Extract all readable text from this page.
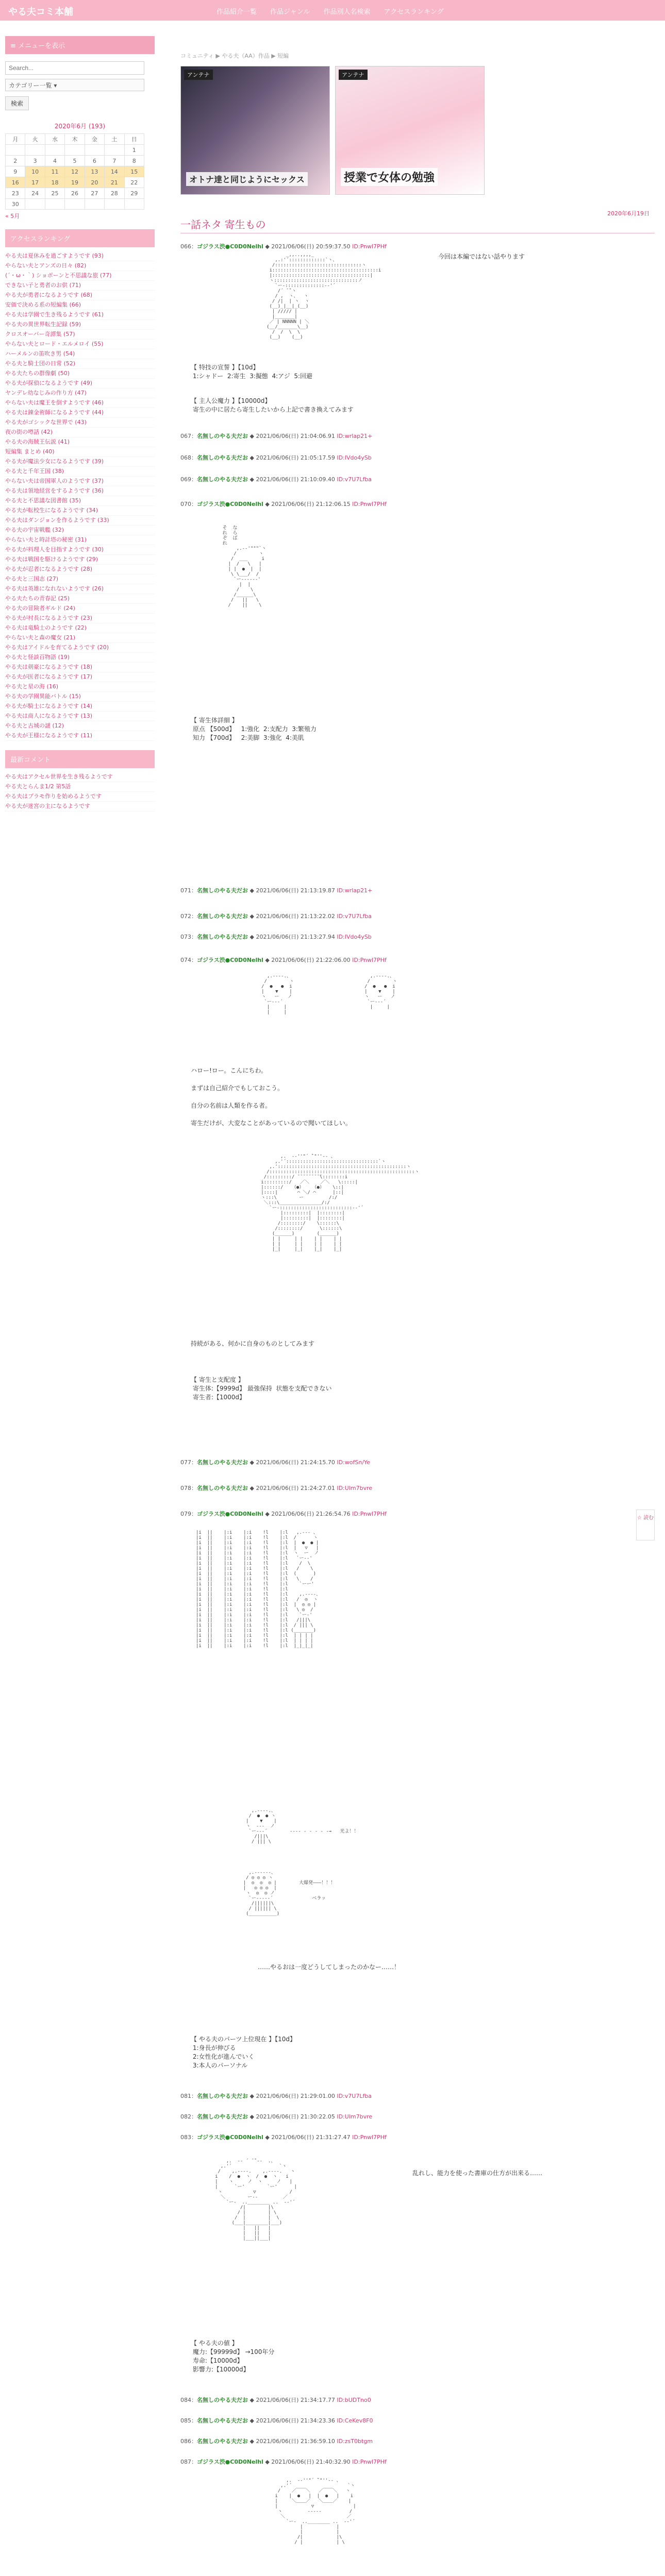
やる夫コミ本舗	作品紹介一覧 作品ジャンル 作品別人名検索 アクセスランキング
≡ メニューを表示
Search...
カテゴリー一覧 ▾
検索
2020年6月 (193)
月	火	水	木	金	土	日
						1
2	3	4	5	6	7	8
9	10	11	12	13	14	15
16	17	18	19	20	21	22
23	24	25	26	27	28	29
30						
« 5月
アクセスランキング
やる夫は夏休みを過ごすようです (93)
やらない夫とアンズの日々 (82)
(´・ω・｀) ショボーンと不思議な旅 (77)
できない子と勇者のお供 (71)
やる夫が勇者になるようです (68)
安価で決める系の短編集 (66)
やる夫は学園で生き残るようです (61)
やる夫の異世界転生記録 (59)
クロスオーバー奇譚集 (57)
やらない夫とロード・エルメロイ (55)
ハーメルンの笛吹き男 (54)
やる夫と騎士団の日常 (52)
やる夫たちの群像劇 (50)
やる夫が探偵になるようです (49)
ヤンデレ幼なじみの作り方 (47)
やらない夫は魔王を倒すようです (46)
やる夫は錬金術師になるようです (44)
やる夫がゴシックな世界で (43)
夜の街の噂話 (42)
やる夫の海賊王伝説 (41)
短編集 まとめ (40)
やる夫が魔法少女になるようです (39)
やる夫と千年王国 (38)
やらない夫は帝国軍人のようです (37)
やる夫は領地経営をするようです (36)
やる夫と不思議な図書館 (35)
やる夫が転校生になるようです (34)
やる夫はダンジョンを作るようです (33)
やる夫の宇宙戦艦 (32)
やらない夫と時計塔の秘密 (31)
やる夫が料理人を目指すようです (30)
やる夫は戦国を駆けるようです (29)
やる夫が忍者になるようです (28)
やる夫と三国志 (27)
やる夫は英雄になれないようです (26)
やる夫たちの青春記 (25)
やる夫の冒険者ギルド (24)
やる夫が村長になるようです (23)
やる夫は竜騎士のようです (22)
やらない夫と森の魔女 (21)
やる夫はアイドルを育てるようです (20)
やる夫と怪談百物語 (19)
やる夫は剣豪になるようです (18)
やる夫が医者になるようです (17)
やる夫と星の海 (16)
やる夫の学園異能バトル (15)
やる夫が騎士になるようです (14)
やる夫は商人になるようです (13)
やる夫と古城の謎 (12)
やる夫が王様になるようです (11)
最新コメント
やる夫はアクセル世界を生き残るようです
やる夫とらんま1/2 第5話
やる夫はプラモ作りを始めるようです
やる夫が迷宮の主になるようです
コミュニティ ▶ やる夫（AA）作品 ▶ 短編
アンテナ
オトナ達と同じようにセックス
アンテナ
授業で女体の勉強
2020年6月19日
一話ネタ 寄生もの
066：ゴジラス渋●C0D0Nelhl ◆ 2021/06/06(日) 20:59:37.50 ID:Pnwl7PHf
_,,..,,,,_
,.:'´:::::::::::::`ヽ、
/:::::::::::::::::::::::::::::::ヽ
i::::::::::::::::::::::::::::::::::::::i
|:::::::::::::::::::::::::::::::::::|
ヽ::::::::::::::::::::::::::::::ノ
`ー-::::::::::::::-‐'´
/´ ̄ ̄`ヽ
/ ,  ヽ、  ヽ
/ /|  | ヽ  ヽ
(__)_|__|_(__)
| ///// |
|_______|
／ | NNNNN | ＼
(__/_______\__)
/  /  \  \
(__)    (__)
今回は本編ではない話やります
【 特技の宣誓 】【10d】
1:シャドー  2:寄生  3:擬態  4:アジ  5:回避
【 主人公魔力 】【10000d】
寄生の中に居たら寄生したいから上記で書き換えてみます
067：名無しのやる夫だお ◆ 2021/06/06(日) 21:04:06.91 ID:wrlap21+
068：名無しのやる夫だお ◆ 2021/06/06(日) 21:05:17.59 ID:IVdo4ySb
069：名無しのやる夫だお ◆ 2021/06/06(日) 21:10:09.40 ID:v7U7Lfba
070：ゴジラス渋●C0D0Nelhl ◆ 2021/06/06(日) 21:12:06.15 ID:Pnwl7PHf
そ  な
れ  ら
ぞ  ば
れ
,.-‐'"""`ヽ
/        ヽ
/  ___     i
|  /   \   |
| |  ●  |  |
\ \___/  /
`ー-----‐'
|  |
/    \
/______\
/   ||   \
/    ||    \
【 寄生体詳細 】
原点 【500d】   1:強化  2:支配力  3:繁殖力
知力 【700d】   2:美脚  3:強化  4:美肌
071：名無しのやる夫だお ◆ 2021/06/06(日) 21:13:19.87 ID:wrlap21+
072：名無しのやる夫だお ◆ 2021/06/06(日) 21:13:22.02 ID:v7U7Lfba
073：名無しのやる夫だお ◆ 2021/06/06(日) 21:13:27.94 ID:IVdo4ySb
074：ゴジラス渋●C0D0Nelhl ◆ 2021/06/06(日) 21:22:06.00 ID:Pnwl7PHf
,.-‐‐-.、
/        ヽ
/  ●   ●  i
|    ▼    |
ヽ   ー   ノ
`ー--‐´
|     |
|     |
,.-‐‐-.、
/        ヽ
/  ●   ●  i
|    ▼    |
ヽ   ー   ノ
`ー--‐´
|     |
ハロー!ロー。こんにちわ。

まずは自己紹介でもしておこう。

自分の名前は人類を作る者。

寄生だけが、大変なことがあっているので聞いてほしい。
,.  -‐''"´ ̄`"''‐- 、
,.'´:::::::::::::::::::::::::::::::::`ヽ
,.'::::::::::::::::::::::::::::::::::::::::::::::ヽ
/::::::::::::::::::::::::::::::::::::::::::::::::::::ヽ
/:::::::::/ ̄ ̄ ̄ ̄ ̄ ̄ ̄ ̄ ̄\::::::::i
i:::::::::/   ／＼    ／＼   \:::::|
|::::::/   （●）   （●）   \::|
|::::|       ⌒ ＼/ ⌒      |::|
ヽ:::\        ー         /:/
＼:::\_______________/:/
`ー-::::::::::::::::::::::::::-‐'´
|:::::::::|  |::::::::|
|:::::::::|  |::::::::|
/::::::::/    \::::::\
/::::::::/      \::::::\
(______)        (______)
| |     | |    | |    | |
| |     | |    | |    | |
|_|     |_|    |_|    |_|
持続がある、何かに自身のものとしてみます
【 寄生と支配度 】
寄生体:【9999d】 最強保持  状態を支配できない
寄生者:【1000d】
077：名無しのやる夫だお ◆ 2021/06/06(日) 21:24:15.70 ID:wofSn/Ye
078：名無しのやる夫だお ◆ 2021/06/06(日) 21:24:27.01 ID:Ulm7bvre
079：ゴジラス渋●C0D0Nelhl ◆ 2021/06/06(日) 21:26:54.76 ID:Pnwl7PHf
|i  ||    |:i    |:i    !l    |:l   ,.-‐- 、
|i  ||    |:i    |:i    !l    |:l  /      ヽ
|i  ||    |:i    |:i    !l    |:l  |  ●  ● |
|i  ||    |:i    |:i    !l    |:l  |   ▽   |
|i  ||    |:i    |:i    !l    |:l  ヽ  ー  ノ
|i  ||    |:i    |:i    !l    |:l   `ー-‐'
|i  ||    |:i    |:i    !l    |:l    /  \
|i  ||    |:i    |:i    !l    |:l   /    \
|i  ||    |:i    |:i    !l    |:l  (      )
|i  ||    |:i    |:i    !l    |:l   \    /
|i  ||    |:i    |:i    !l    |:l    `ーー'
|i  ||    |:i    |:i    !l    |:l
|i  ||    |:i    |:i    !l    |:l    ,.-‐‐-、
|i  ||    |:i    |:i    !l    |:l   /  ◎  ヽ
|i  ||    |:i    |:i    !l    |:l  |  ◎ ◎ |
|i  ||    |:i    |:i    !l    |:l   \ ◎  /
|i  ||    |:i    |:i    !l    |:l    `ー-'
|i  ||    |:i    |:i    !l    |:l   /|||\
|i  ||    |:i    |:i    !l    |:l  / ||| \
|i  ||    |:i    |:i    !l    |:l (_______)
|i  ||    |:i    |:i    !l    |:l  | | | |
|i  ||    |:i    |:i    !l    |:l  | | | |
|i  ||    |:i    |:i    !l    |:l  |_|_|_|
,.-‐‐-.、
/  ●  ● ヽ
|    ▼    |
ヽ  ‐‐‐  ノ
`ー--‐´        ---- - - - - -→   光よ！！
/|||\
/ ||| \
,.-‐‐‐‐-、
/ ◎ ◎ ◎ ヽ
|  ◎  ◎  ◎ |        大爆発———！！！
|   ◎ ◎ ◎  |
ヽ  ◎  ◎ ノ
`ー----‐´              ベラッ
/||||||\
/ |||||| \
(__________)
……やるおは一度どうしてしまったのかなー……！
【 やる夫のパーツ上位現在 】【10d】
1:身長が伸びる
2:女性化が進んでいく
3:本人のパーソナル
081：名無しのやる夫だお ◆ 2021/06/06(日) 21:29:01.00 ID:v7U7Lfba
082：名無しのやる夫だお ◆ 2021/06/06(日) 21:30:22.05 ID:Ulm7bvre
083：ゴジラス渋●C0D0Nelhl ◆ 2021/06/06(日) 21:31:27.47 ID:Pnwl7PHf
,.  -‐ ´ ̄ ̄`‐-  .、
,.'´                 `ヽ
/    ,.-‐‐-.    ,.-‐‐-.   ヽ
i    /  ●  ヽ  /  ●  ヽ   i
|    ヽ     ノ  ヽ     ノ   |
|      `ー'        `ー'      |
ヽ           ▽            /
＼        ー‐‐         ／
`ー-  ..________ ..  -‐'´
/|        |\
/ |        | \
/  |        |  \
(___|________|___)
|   ||   |
|   ||   |
|___||___|
乱れし、能力を使った書庫の仕方が出来る……
【 やる夫の値 】
魔力:【99999d】 →100年分
寿命:【10000d】
影響力:【10000d】
084：名無しのやる夫だお ◆ 2021/06/06(日) 21:34:17.77 ID:bUDTno0
085：名無しのやる夫だお ◆ 2021/06/06(日) 21:34:23.36 ID:CeKev8F0
086：名無しのやる夫だお ◆ 2021/06/06(日) 21:36:59.10 ID:zsT0btgm
087：ゴジラス渋●C0D0Nelhl ◆ 2021/06/06(日) 21:40:32.90 ID:Pnwl7PHf
,.  -‐''"´ ̄`"''‐- 、
,.'´                    `ヽ
/    ／￣￣＼   ／￣￣＼   ヽ
i    |  ●   |  |  ●   |    i
|     ＼＿＿／   ＼＿＿／    |
|            ▽              |
ヽ         ‐‐‐‐‐          /
＼                      ／
`ー-  ..________ ..  -‐'´
|            |
|            |
/|            |\
/ |            | \
☆ 読む
